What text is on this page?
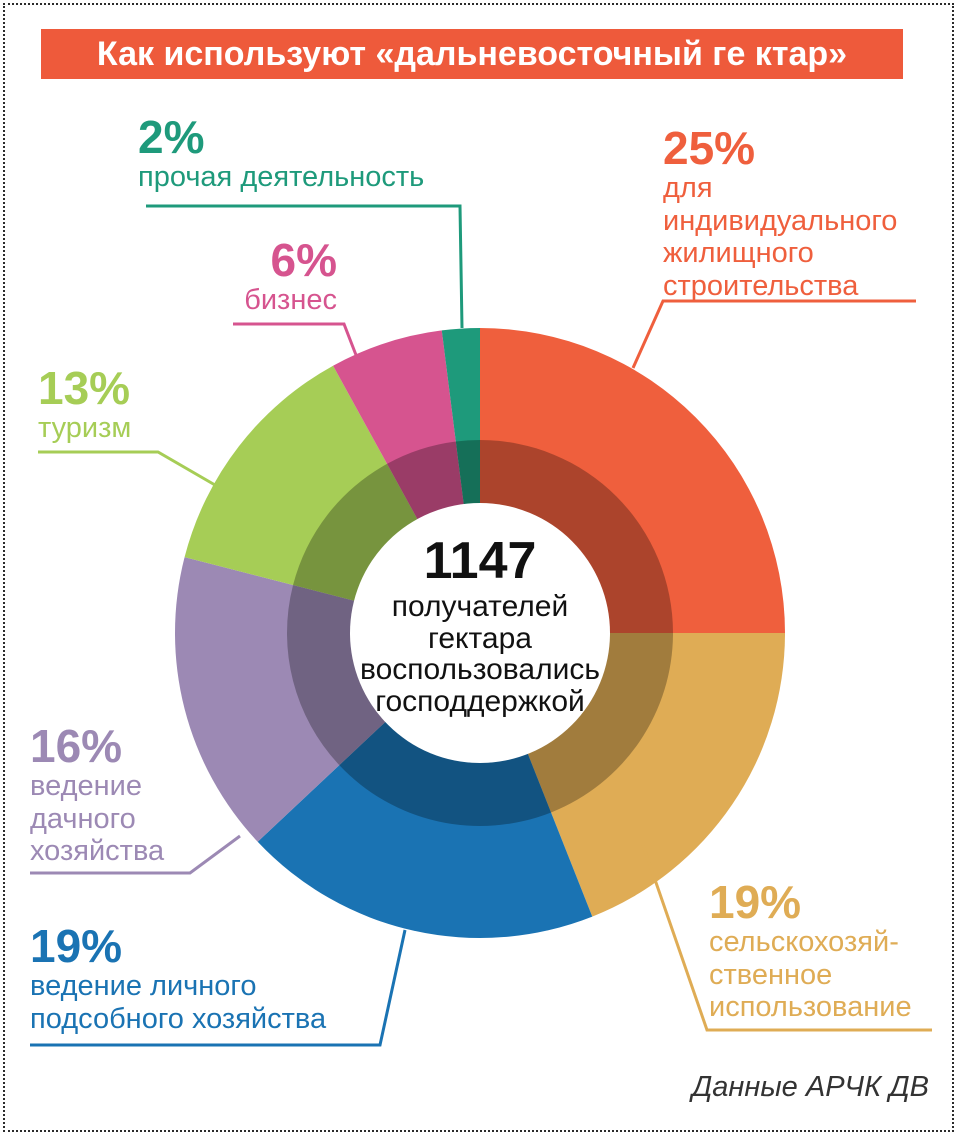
Как используют «дальневосточный ге ктар»
25%
для
индивидуального
жилищного
строительства
19%
сельскохозяй-
ственное
использование
19%
ведение личного
подсобного хозяйства
16%
ведение
дачного
хозяйства
13%
туризм
6%
бизнес
2%
прочая деятельность
1147
получателей
гектара
воспользовались
господдержкой
Данные АРЧК ДВ
